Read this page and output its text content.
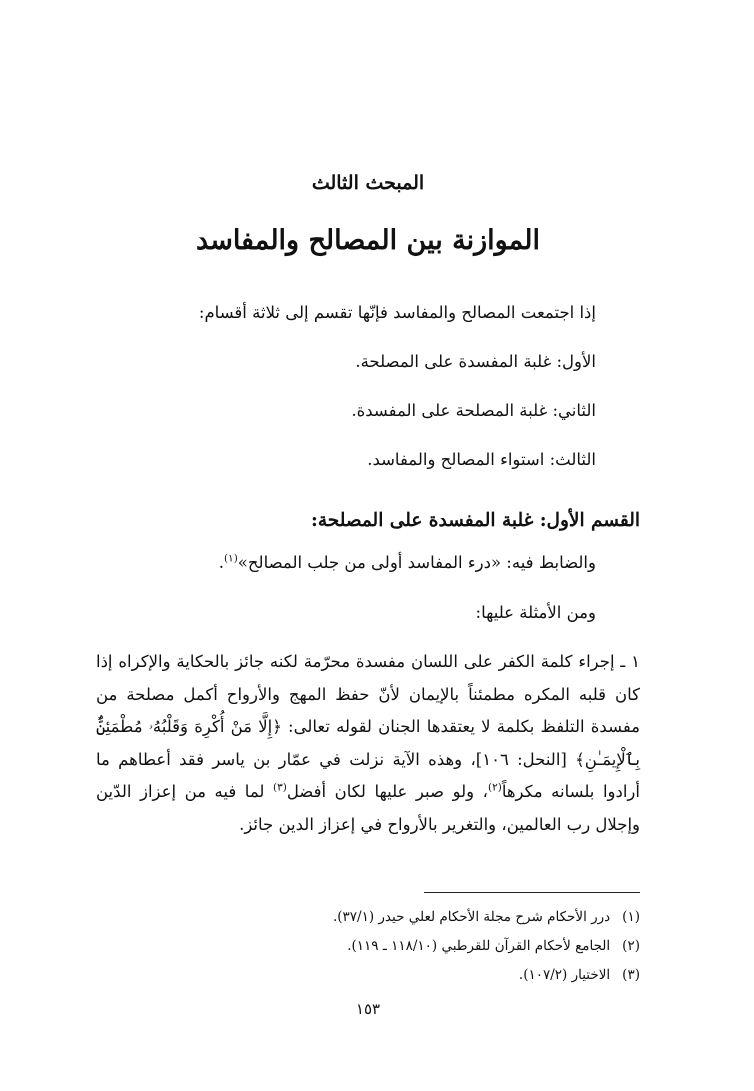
المبحث الثالث
الموازنة بين المصالح والمفاسد

إذا اجتمعت المصالح والمفاسد فإنّها تقسم إلى ثلاثة أقسام:

الأول: غلبة المفسدة على المصلحة.

الثاني: غلبة المصلحة على المفسدة.

الثالث: استواء المصالح والمفاسد.

القسم الأول: غلبة المفسدة على المصلحة:
والضابط فيه: «درء المفاسد أولى من جلب المصالح»$^{(١)}$.
ومن الأمثلة عليها:
١ ـ إجراء كلمة الكفر على اللسان مفسدة محرّمة لكنه جائز بالحكاية والإكراه إذا كان قلبه المكره مطمئناً بالإيمان لأنّ حفظ المهج والأرواح أكمل مصلحة من مفسدة التلفظ بكلمة لا يعتقدها الجنان لقوله تعالى: ﴿إِلَّا مَنْ أُكْرِهَ وَقَلْبُهُۥ مُطْمَئِنٌّۢ بِٱلْإِيمَـٰنِ﴾ [النحل: ١٠٦]، وهذه الآية نزلت في عمّار بن ياسر فقد أعطاهم ما أرادوا بلسانه مكرهاً$^{(٢)}$، ولو صبر عليها لكان أفضل$^{(٣)}$ لما فيه من إعزاز الدّين وإجلال رب العالمين، والتغرير بالأرواح في إعزاز الدين جائز.
(١)
درر الأحكام شرح مجلة الأحكام لعلي حيدر (٣٧/١).
(٢)
الجامع لأحكام القرآن للقرطبي (١١٨/١٠ ـ ١١٩).
(٣)
الاختيار (١٠٧/٢).
١٥٣
